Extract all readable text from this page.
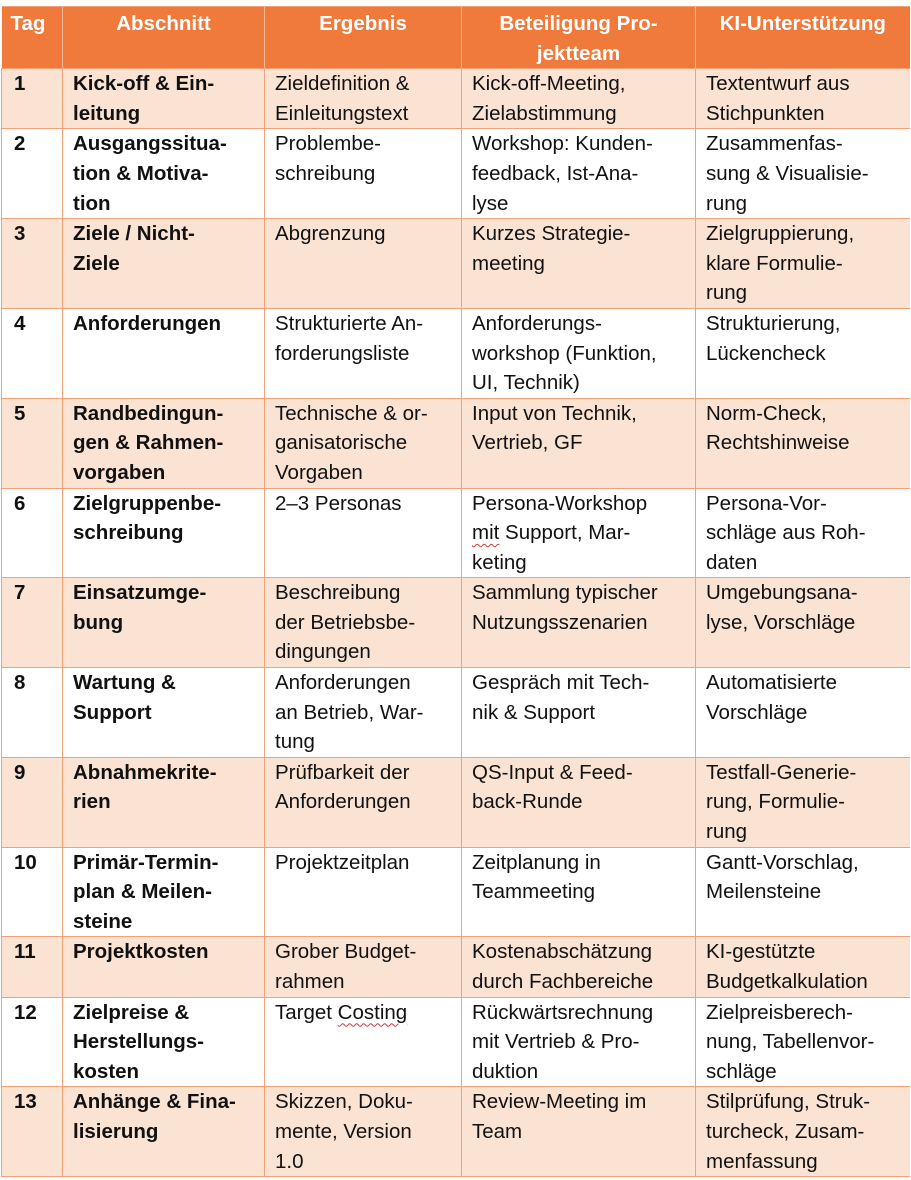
Tag	Abschnitt	Ergebnis	Beteiligung Pro-
jektteam	KI-Unterstützung
1	Kick-off & Ein-
leitung	Zieldefinition &
Einleitungstext	Kick-off-Meeting,
Zielabstimmung	Textentwurf aus
Stichpunkten

2	Ausgangssitua-
tion & Motiva-
tion	Problembe-
schreibung	Workshop: Kunden-
feedback, Ist-Ana-
lyse	Zusammenfas-
sung & Visualisie-
rung

3	Ziele / Nicht-
Ziele	Abgrenzung	Kurzes Strategie-
meeting	Zielgruppierung,
klare Formulie-
rung

4	Anforderungen	Strukturierte An-
forderungsliste	Anforderungs-
workshop (Funktion,
UI, Technik)	Strukturierung,
Lückencheck

5	Randbedingun-
gen & Rahmen-
vorgaben	Technische & or-
ganisatorische
Vorgaben	Input von Technik,
Vertrieb, GF	Norm-Check,
Rechtshinweise

6	Zielgruppenbe-
schreibung	2–3 Personas	Persona-Workshop
mit Support, Mar-
keting	Persona-Vor-
schläge aus Roh-
daten

7	Einsatzumge-
bung	Beschreibung
der Betriebsbe-
dingungen	Sammlung typischer
Nutzungsszenarien	Umgebungsana-
lyse, Vorschläge

8	Wartung &
Support	Anforderungen
an Betrieb, War-
tung	Gespräch mit Tech-
nik & Support	Automatisierte
Vorschläge

9	Abnahmekrite-
rien	Prüfbarkeit der
Anforderungen	QS-Input & Feed-
back-Runde	Testfall-Generie-
rung, Formulie-
rung

10	Primär-Termin-
plan & Meilen-
steine	Projektzeitplan	Zeitplanung in
Teammeeting	Gantt-Vorschlag,
Meilensteine

11	Projektkosten	Grober Budget-
rahmen	Kostenabschätzung
durch Fachbereiche	KI-gestützte
Budgetkalkulation

12	Zielpreise &
Herstellungs-
kosten	Target Costing	Rückwärtsrechnung
mit Vertrieb & Pro-
duktion	Zielpreisberech-
nung, Tabellenvor-
schläge

13	Anhänge & Fina-
lisierung	Skizzen, Doku-
mente, Version
1.0	Review-Meeting im
Team	Stilprüfung, Struk-
turcheck, Zusam-
menfassung
